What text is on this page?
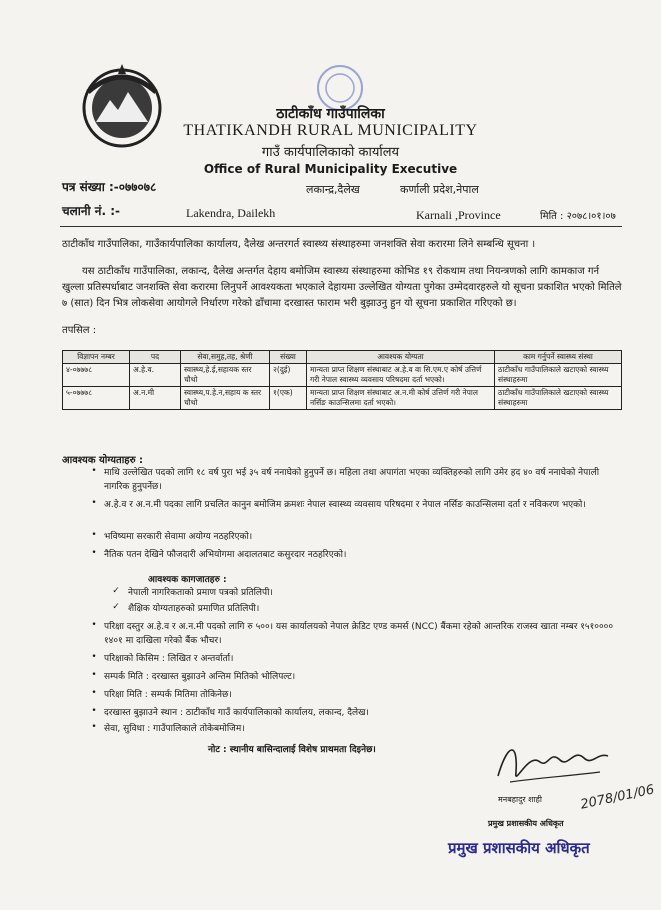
ठाटीकाँध गाउँपालिका
THATIKANDH RURAL MUNICIPALITY
गाउँ कार्यपालिकाको कार्यालय
Office of Rural Municipality Executive
लकान्द्र,दैलेख	कर्णाली प्रदेश,नेपाल
पत्र संख्या :-०७७०७८
चलानी नं. :-	Lakendra, Dailekh	Karnali ,Province	मिति : २०७८।०१।०७
ठाटीकाँध गाउँपालिका, गाउँकार्यपालिका कार्यालय, दैलेख अन्तरगर्त स्वास्थ्य संस्थाहरुमा जनशक्ति सेवा करारमा लिने सम्बन्धि सूचना ।
यस ठाटीकाँध गाउँपालिका, लकान्द, दैलेख अन्तर्गत देहाय बमोजिम स्वास्थ्य संस्थाहरुमा कोभिड १९ रोकथाम तथा नियन्त्रणको लागि कामकाज गर्न खुल्ला प्रतिस्पर्धाबाट जनशक्ति सेवा करारमा लिनुपर्ने आवश्यकता भएकाले देहायमा उल्लेखित योग्यता पुगेका उम्मेदवारहरुले यो सूचना प्रकाशित भएको मितिले ७ (सात) दिन भित्र लोकसेवा आयोगले निर्धारण गरेको ढाँचामा दरखास्त फाराम भरी बुझाउनु हुन यो सूचना प्रकाशित गरिएको छ।
तपसिल :
विज्ञापन नम्बर	पद	सेवा,समुह,तह, श्रेणी	संख्या	आवश्यक योग्यता	काम गर्नुपर्ने स्वास्थ्य संस्था
४-०७७७८	अ.हे.व.	स्वास्थ्य,हे.ई,सहायक स्तर चौथो	२(दुई)	मान्यता प्राप्त शिक्षण संस्थाबाट अ.हे.व वा सि.एम.ए कोर्ष उत्तिर्ण गरी नेपाल स्वास्थ्य व्यवसाय परिषदमा दर्ता भएको।	ठाटीकाँध गाउँपालिकाले खटाएको स्वास्थ्य संस्थाहरुमा
५-०७७७८	अ.न.मी	स्वास्थ्य,प.हे.न,सहाय क स्तर चौथो	१(एक)	मान्यता प्राप्त शिक्षण संस्थाबाट अ.न.मी कोर्ष उत्तिर्ण गरी नेपाल नर्सिङ काउन्सिलमा दर्ता भएको।	ठाटीकाँध गाउँपालिकाले खटाएको स्वास्थ्य संस्थाहरुमा
आवश्यक योग्यताहरु :
• माथि उल्लेखित पदको लागि १८ वर्ष पुरा भई ३५ वर्ष ननाघेको हुनुपर्ने छ। महिला तथा अपागंता भएका व्यक्तिहरुको लागि उमेर हद ४० वर्ष ननाघेको नेपाली नागरिक हुनुपर्नेछ।
• अ.हे.व र अ.न.मी पदका लागि प्रचलित कानुन बमोजिम क्रमशः नेपाल स्वास्थ्य व्यवसाय परिषदमा र नेपाल नर्सिङ काउन्सिलमा दर्ता र नविकरण भएको।
• भविष्यमा सरकारी सेवामा अयोग्य नठहरिएको।
• नैतिक पतन देखिने फौजदारी अभियोगमा अदालतबाट कसुरदार नठहरिएको।
आवश्यक कागजातहरु :
✓ नेपाली नागरिकताको प्रमाण पत्रको प्रतिलिपी।
✓ शैक्षिक योग्यताहरुको प्रमाणित प्रतिलिपी।
• परिक्षा दस्तुर अ.हे.व र अ.न.मी पदको लागि रु ५००। यस कार्यालयको नेपाल क्रेडिट एण्ड कमर्स (NCC) बैंकमा रहेको आन्तरिक राजस्व खाता नम्बर १५१०००० १४०१ मा दाखिला गरेको बैंक भौचर।
• परिक्षाको किसिम : लिखित र अन्तर्वार्ता।
• सम्पर्क मिति : दरखास्त बुझाउने अन्तिम मितिको भोलिपल्ट।
• परिक्षा मिति : सम्पर्क मितिमा तोकिनेछ।
• दरखास्त बुझाउने स्थान : ठाटीकाँध गाउँ कार्यपालिकाको कार्यालय, लकान्द, दैलेख।
• सेवा, सुविधा : गाउँपालिकाले तोकेबमोजिम।
नोट : स्थानीय बासिन्दालाई विशेष प्राथमता दिइनेछ।
2078/01/06
मनबहादुर शाही
प्रमुख प्रशासकीय अधिकृत
प्रमुख प्रशासकीय अधिकृत
